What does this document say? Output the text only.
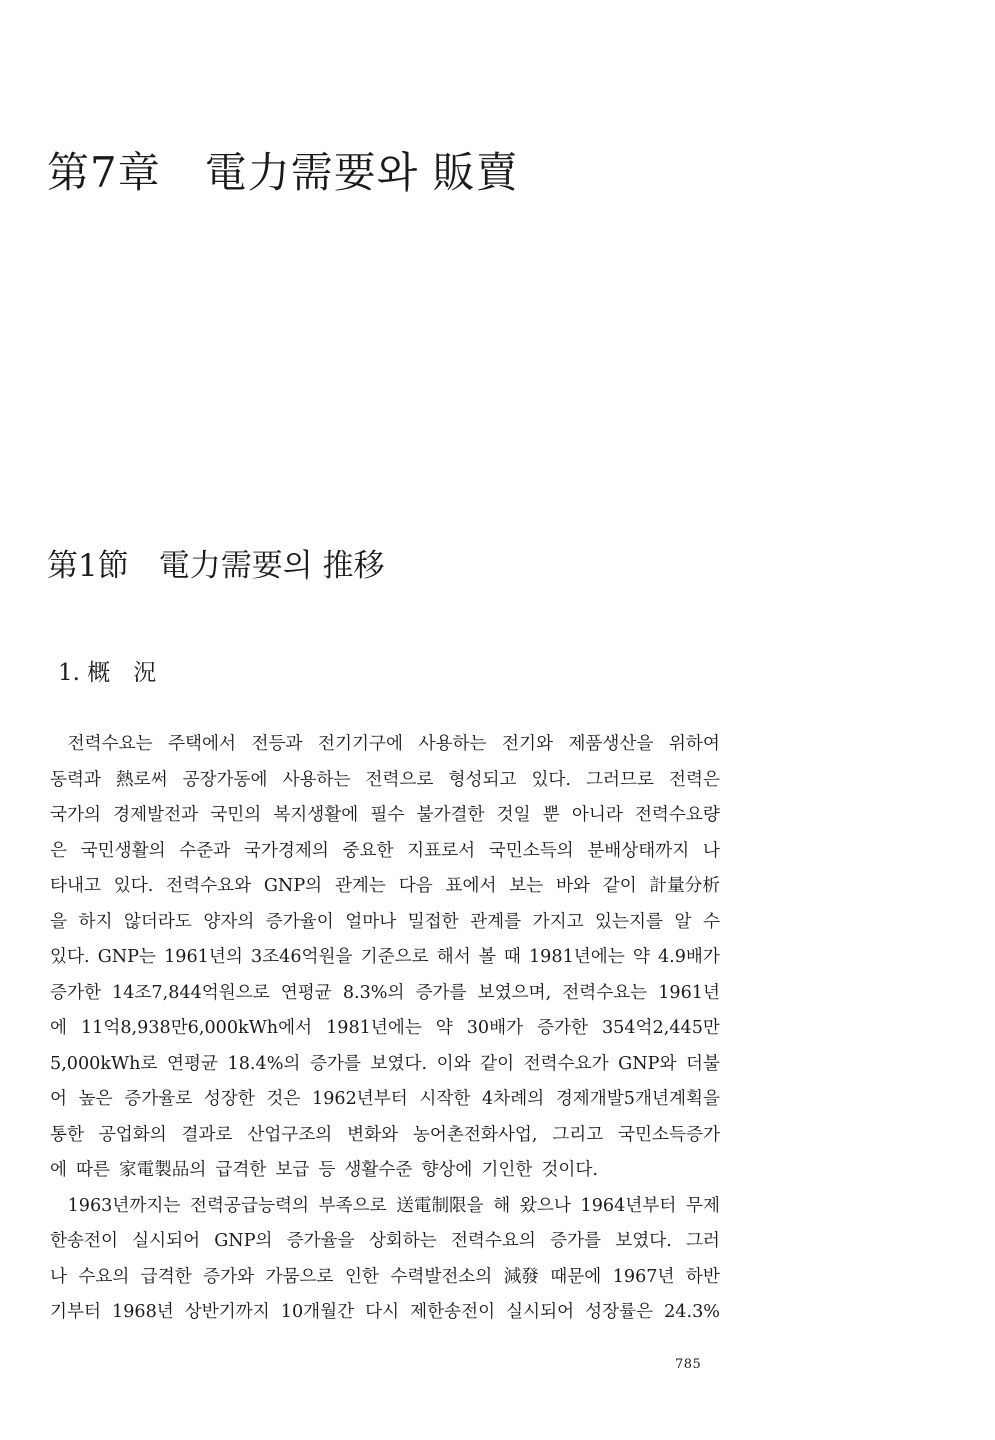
第7章 電力需要와 販賣
第1節 電力需要의 推移
1. 概　況
　전력수요는 주택에서 전등과 전기기구에 사용하는 전기와 제품생산을 위하여
동력과 熱로써 공장가동에 사용하는 전력으로 형성되고 있다. 그러므로 전력은
국가의 경제발전과 국민의 복지생활에 필수 불가결한 것일 뿐 아니라 전력수요량
은 국민생활의 수준과 국가경제의 중요한 지표로서 국민소득의 분배상태까지 나
타내고 있다. 전력수요와 GNP의 관계는 다음 표에서 보는 바와 같이 計量分析
을 하지 않더라도 양자의 증가율이 얼마나 밀접한 관계를 가지고 있는지를 알 수
있다. GNP는 1961년의 3조46억원을 기준으로 해서 볼 때 1981년에는 약 4.9배가
증가한 14조7,844억원으로 연평균 8.3%의 증가를 보였으며, 전력수요는 1961년
에 11억8,938만6,000kWh에서 1981년에는 약 30배가 증가한 354억2,445만
5,000kWh로 연평균 18.4%의 증가를 보였다. 이와 같이 전력수요가 GNP와 더불
어 높은 증가율로 성장한 것은 1962년부터 시작한 4차례의 경제개발5개년계획을
통한 공업화의 결과로 산업구조의 변화와 농어촌전화사업, 그리고 국민소득증가
에 따른 家電製品의 급격한 보급 등 생활수준 향상에 기인한 것이다.
　1963년까지는 전력공급능력의 부족으로 送電制限을 해 왔으나 1964년부터 무제
한송전이 실시되어 GNP의 증가율을 상회하는 전력수요의 증가를 보였다. 그러
나 수요의 급격한 증가와 가뭄으로 인한 수력발전소의 減發 때문에 1967년 하반
기부터 1968년 상반기까지 10개월간 다시 제한송전이 실시되어 성장률은 24.3%
785
